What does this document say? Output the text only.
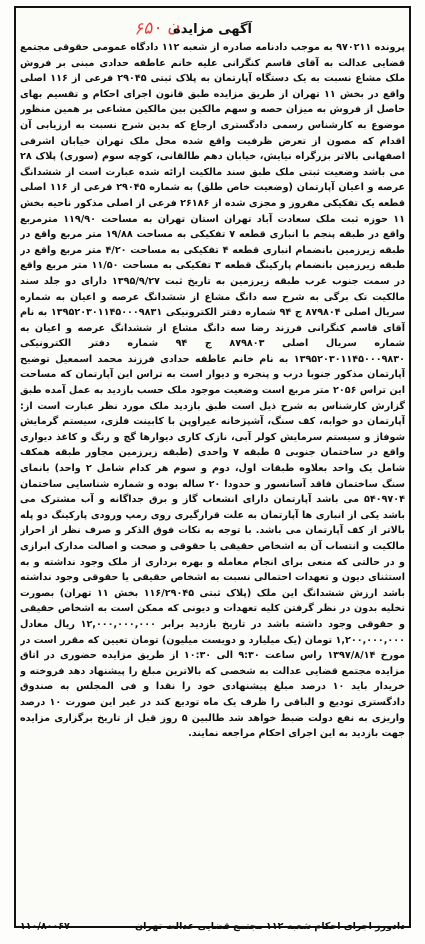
ن ۶۵۰
آگهی مزایده
پرونده ۹۷۰۲۱۱ به موجب دادنامه صادره از شعبه ۱۱۲ دادگاه عمومی حقوقی مجتمع قضایی عدالت به آقای قاسم کنگرانی علیه خانم عاطفه حدادی مبنی بر فروش ملک مشاع نسبت به یک دستگاه آپارتمان به پلاک ثبتی ۲۹۰۴۵ فرعی از ۱۱۶ اصلی واقع در بخش ۱۱ تهران از طریق مزایده طبق قانون اجرای احکام و تقسیم بهای حاصل از فروش به میزان حصه و سهم مالکین بین مالکین مشاعی بر همین منظور موضوع به کارشناس رسمی دادگستری ارجاع که بدین شرح نسبت به ارزیابی آن اقدام که مصون از تعرض ظرفیت واقع شده محل ملک تهران خیابان اشرفی اصفهانی بالاتر بزرگراه نیایش، خیابان دهم طالقانی، کوچه سوم (سوری) پلاک ۲۸ می باشد وضعیت ثبتی ملک طبق سند مالکیت ارائه شده عبارت است از ششدانگ عرصه و اعیان آپارتمان (وضعیت خاص طلق) به شماره ۲۹۰۴۵ فرعی از ۱۱۶ اصلی قطعه یک تفکیکی مفروز و مجزی شده از ۲۶۱۸۶ فرعی از اصلی مذکور ناحیه بخش ۱۱ حوزه ثبت ملک سعادت آباد تهران استان تهران به مساحت ۱۱۹/۹۰ مترمربع واقع در طبقه پنجم با انباری قطعه ۷ تفکیکی به مساحت ۱۹/۸۸ متر مربع واقع در طبقه زیرزمین بانضمام انباری قطعه ۴ تفکیکی به مساحت ۴/۲۰ متر مربع واقع در طبقه زیرزمین بانضمام پارکینگ قطعه ۳ تفکیکی به مساحت ۱۱/۵۰ متر مربع واقع در سمت جنوب غرب طبقه زیرزمین به تاریخ ثبت ۱۳۹۵/۹/۲۷ دارای دو جلد سند مالکیت تک برگی به شرح سه دانگ مشاع از ششدانگ عرصه و اعیان به شماره سریال اصلی ۸۷۹۸۰۴ ج ۹۴ شماره دفتر الکترونیکی ۱۳۹۵۲۰۳۰۱۱۴۵۰۰۰۹۸۳۱ به نام آقای قاسم کنگرانی فرزند رضا سه دانگ مشاع از ششدانگ عرصه و اعیان به شماره سریال اصلی ۸۷۹۸۰۳ ج ۹۴ شماره دفتر الکترونیکی ۱۳۹۵۲۰۳۰۱۱۴۵۰۰۰۹۸۳۰ به نام خانم عاطفه حدادی فرزند محمد اسمعیل توضیح آپارتمان مذکور جنوبا درب و پنجره و دیوار است به تراس این آپارتمان که مساحت این تراس ۲۰۵۶ متر مربع است وضعیت موجود ملک حسب بازدید به عمل آمده طبق گزارش کارشناس به شرح ذیل است طبق بازدید ملک مورد نظر عبارت است از: آپارتمان دو خوابه، کف سنگ، آشپزخانه غیراوپن با کابینت فلزی، سیستم گرمایش شوفاژ و سیستم سرمایش کولر آبی، نازک کاری دیوارها گچ و رنگ و کاغذ دیواری واقع در ساختمان جنوبی ۵ طبقه ۷ واحدی (طبقه زیرزمین مجاور طبقه همکف شامل یک واحد بعلاوه طبقات اول، دوم و سوم هر کدام شامل ۲ واحد) بانمای سنگ ساختمان فاقد آسانسور و حدودا ۲۰ ساله بوده و شماره شناسایی ساختمان ۵۴۰۹۷۰۴ می باشد آپارتمان دارای انشعاب گاز و برق جداگانه و آب مشترک می باشد یکی از انباری ها آپارتمان به علت قرارگیری روی رمپ ورودی پارکینگ دو پله بالاتر از کف آپارتمان می باشد. با توجه به نکات فوق الذکر و صرف نظر از احراز مالکیت و انتساب آن به اشخاص حقیقی یا حقوقی و صحت و اصالت مدارک ابرازی و در حالتی که منعی برای انجام معامله و بهره برداری از ملک وجود نداشته و به استثنای دیون و تعهدات احتمالی نسبت به اشخاص حقیقی یا حقوقی وجود نداشته باشد ارزش ششدانگ این ملک (پلاک ثبتی ۱۱۶/۲۹۰۴۵ بخش ۱۱ تهران) بصورت تخلیه بدون در نظر گرفتن کلیه تعهدات و دیونی که ممکن است به اشخاص حقیقی و حقوقی وجود داشته باشد در تاریخ بازدید برابر ۱۲,۰۰۰,۰۰۰,۰۰۰ ریال معادل ۱,۲۰۰,۰۰۰,۰۰۰ تومان (یک میلیارد و دویست میلیون) تومان تعیین که مقرر است در مورخ ۱۳۹۷/۸/۱۴ راس ساعت ۹:۳۰ الی ۱۰:۳۰ از طریق مزایده حضوری در اتاق مزایده مجتمع قضایی عدالت به شخصی که بالاترین مبلغ را پیشنهاد دهد فروخته و خریدار باید ۱۰ درصد مبلغ پیشنهادی خود را نقدا و فی المجلس به صندوق دادگستری تودیع و الباقی را ظرف یک ماه تودیع کند در غیر این صورت ۱۰ درصد واریزی به نفع دولت ضبط خواهد شد طالبین ۵ روز قبل از تاریخ برگزاری مزایده جهت بازدید به این اجرای احکام مراجعه نمایند.
۱۱۰/۸۰۰۶۷	دادورز اجرای احکام شعبه ۱۱۲ مجتمع قضایی عدالت تهران
